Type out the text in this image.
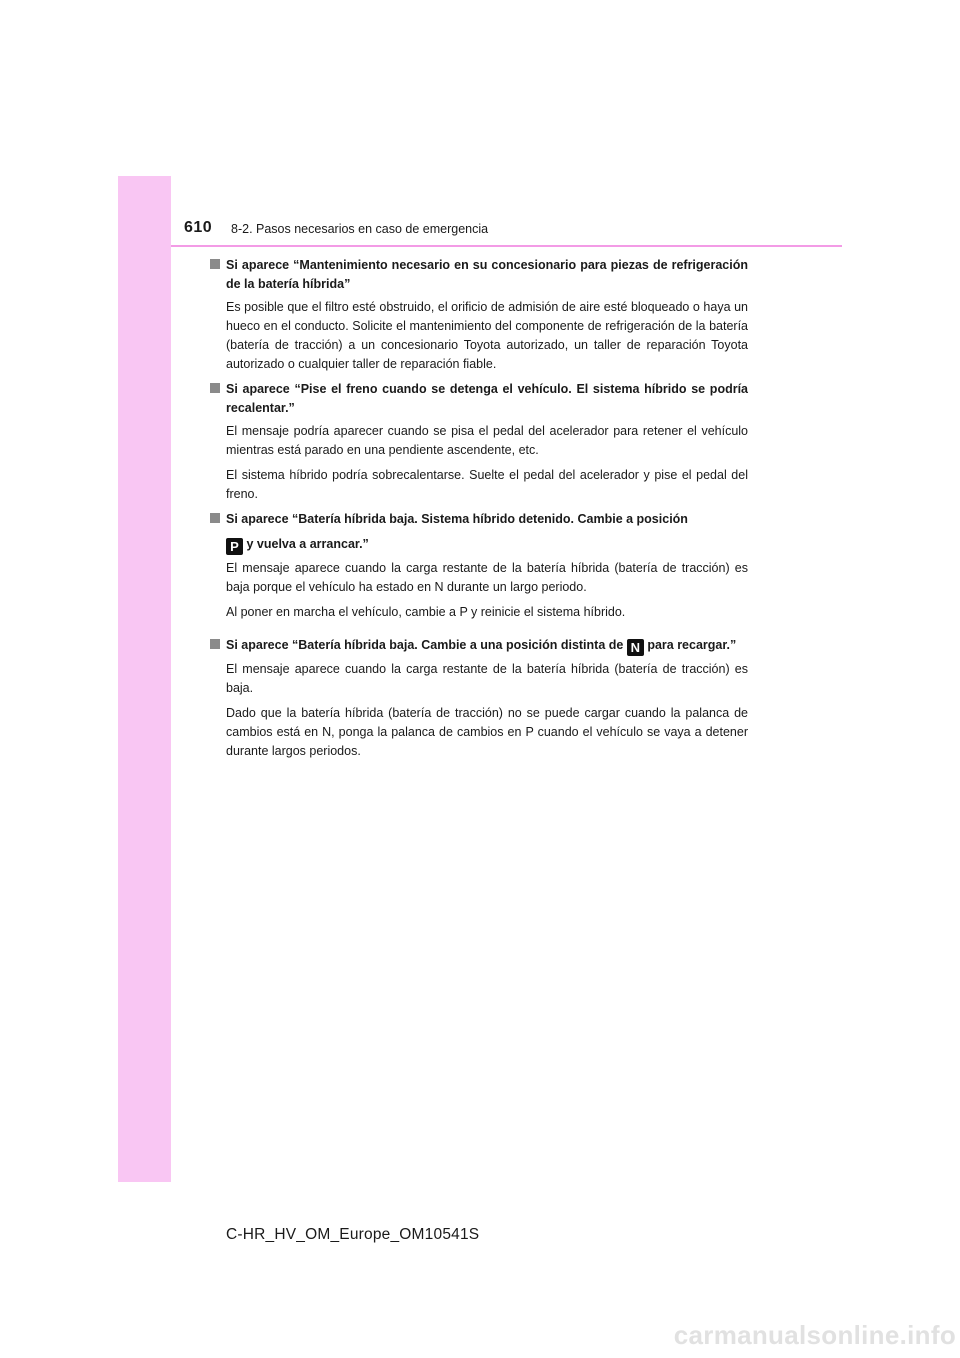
610 8-2. Pasos necesarios en caso de emergencia

Si aparece “Mantenimiento necesario en su concesionario para piezas de refrigeración de la batería híbrida”

Es posible que el filtro esté obstruido, el orificio de admisión de aire esté bloqueado o haya un hueco en el conducto. Solicite el mantenimiento del componente de refrigeración de la batería (batería de tracción) a un concesionario Toyota autorizado, un taller de reparación Toyota autorizado o cualquier taller de reparación fiable.

Si aparece “Pise el freno cuando se detenga el vehículo. El sistema híbrido se podría recalentar.”

El mensaje podría aparecer cuando se pisa el pedal del acelerador para retener el vehículo mientras está parado en una pendiente ascendente, etc.

El sistema híbrido podría sobrecalentarse. Suelte el pedal del acelerador y pise el pedal del freno.

Si aparece “Batería híbrida baja. Sistema híbrido detenido. Cambie a posición

P y vuelva a arrancar.”

El mensaje aparece cuando la carga restante de la batería híbrida (batería de tracción) es baja porque el vehículo ha estado en N durante un largo periodo.

Al poner en marcha el vehículo, cambie a P y reinicie el sistema híbrido.

Si aparece “Batería híbrida baja. Cambie a una posición distinta de N para recargar.”

El mensaje aparece cuando la carga restante de la batería híbrida (batería de tracción) es baja.

Dado que la batería híbrida (batería de tracción) no se puede cargar cuando la palanca de cambios está en N, ponga la palanca de cambios en P cuando el vehículo se vaya a detener durante largos periodos.

C-HR_HV_OM_Europe_OM10541S
carmanualsonline.info
